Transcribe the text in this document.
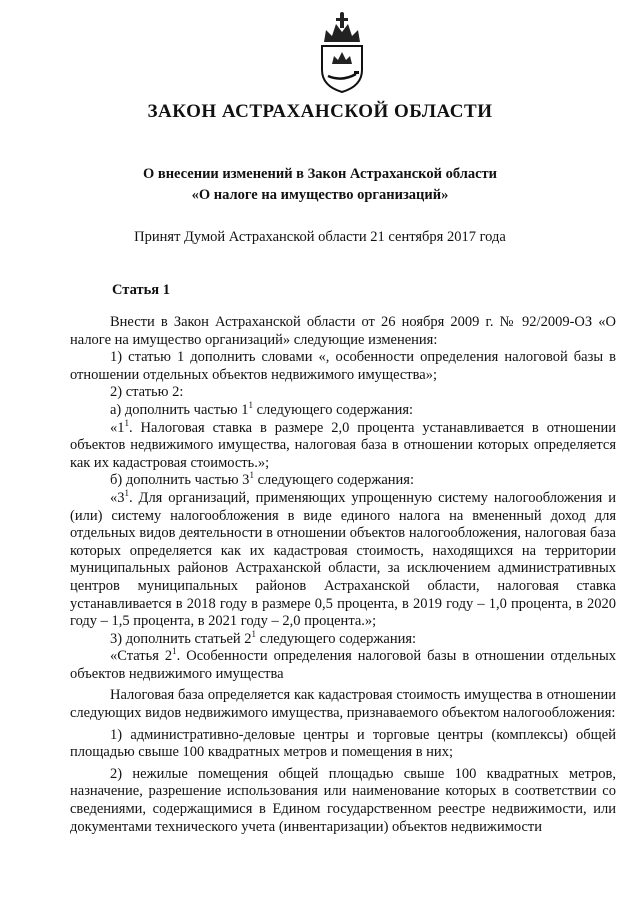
ЗАКОН АСТРАХАНСКОЙ ОБЛАСТИ
О внесении изменений в Закон Астраханской области
«О налоге на имущество организаций»
Принят Думой Астраханской области 21 сентября 2017 года
Статья 1

Внести в Закон Астраханской области от 26 ноября 2009 г. № 92/2009-ОЗ «О налоге на имущество организаций» следующие изменения:

1) статью 1 дополнить словами «, особенности определения налоговой базы в отношении отдельных объектов недвижимого имущества»;

2) статью 2:

а) дополнить частью $1^1$ следующего содержания:

«$1^1$. Налоговая ставка в размере 2,0 процента устанавливается в отношении объектов недвижимого имущества, налоговая база в отношении которых определяется как их кадастровая стоимость.»;

б) дополнить частью $3^1$ следующего содержания:

«$3^1$. Для организаций, применяющих упрощенную систему налогообложения и (или) систему налогообложения в виде единого налога на вмененный доход для отдельных видов деятельности в отношении объектов налогообложения, налоговая база которых определяется как их кадастровая стоимость, находящихся на территории муниципальных районов Астраханской области, за исключением административных центров муниципальных районов Астраханской области, налоговая ставка устанавливается в 2018 году в размере 0,5 процента, в 2019 году – 1,0 процента, в 2020 году – 1,5 процента, в 2021 году – 2,0 процента.»;

3) дополнить статьей $2^1$ следующего содержания:

«Статья $2^1$. Особенности определения налоговой базы в отношении отдельных объектов недвижимого имущества

Налоговая база определяется как кадастровая стоимость имущества в отношении следующих видов недвижимого имущества, признаваемого объектом налогообложения:

1) административно-деловые центры и торговые центры (комплексы) общей площадью свыше 100 квадратных метров и помещения в них;

2) нежилые помещения общей площадью свыше 100 квадратных метров, назначение, разрешение использования или наименование которых в соответствии со сведениями, содержащимися в Едином государственном реестре недвижимости, или документами технического учета (инвентаризации) объектов недвижимости
